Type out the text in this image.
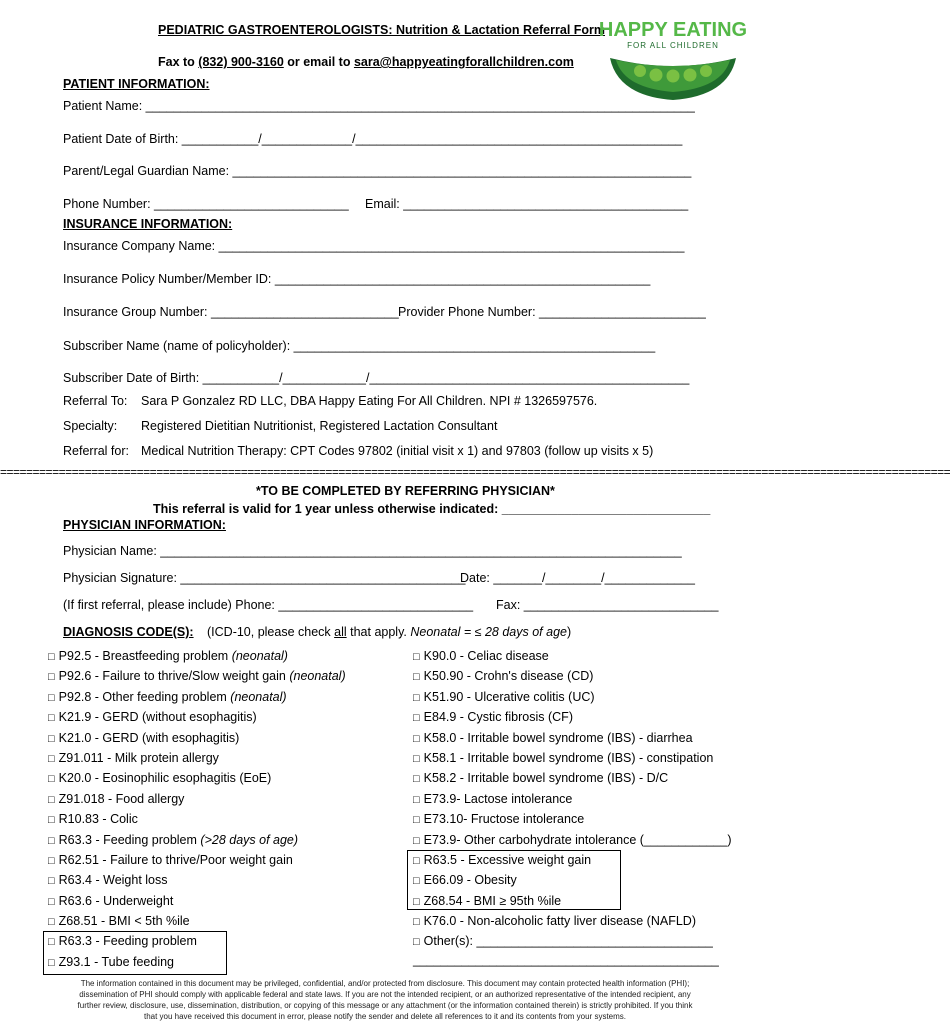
PEDIATRIC GASTROENTEROLOGISTS: Nutrition & Lactation Referral Form
Fax to (832) 900-3160 or email to sara@happyeatingforallchildren.com
HAPPY EATING
FOR ALL CHILDREN
PATIENT INFORMATION:
Patient Name: _______________________________________________________________________________
Patient Date of Birth: ___________/_____________/_______________________________________________
Parent/Legal Guardian Name: __________________________________________________________________
Phone Number: ____________________________ Email: _________________________________________
INSURANCE INFORMATION:
Insurance Company Name: ___________________________________________________________________
Insurance Policy Number/Member ID: ______________________________________________________
Insurance Group Number: ___________________________ Provider Phone Number: ________________________
Subscriber Name (name of policyholder): ____________________________________________________
Subscriber Date of Birth: ___________/____________/______________________________________________
Referral To: Sara P Gonzalez RD LLC, DBA Happy Eating For All Children. NPI # 1326597576.
Specialty: Registered Dietitian Nutritionist, Registered Lactation Consultant
Referral for: Medical Nutrition Therapy: CPT Codes 97802 (initial visit x 1) and 97803 (follow up visits x 5)
==================================================================================================================================================
*TO BE COMPLETED BY REFERRING PHYSICIAN*
This referral is valid for 1 year unless otherwise indicated: ______________________________
PHYSICIAN INFORMATION:
Physician Name: ___________________________________________________________________________
Physician Signature: _________________________________________
Date: _______/________/_____________
(If first referral, please include) Phone: ____________________________ Fax: ____________________________
DIAGNOSIS CODE(S): (ICD-10, please check all that apply. Neonatal = ≤ 28 days of age)
□ P92.5 - Breastfeeding problem (neonatal)
□ P92.6 - Failure to thrive/Slow weight gain (neonatal)
□ P92.8 - Other feeding problem (neonatal)
□ K21.9 - GERD (without esophagitis)
□ K21.0 - GERD (with esophagitis)
□ Z91.011 - Milk protein allergy
□ K20.0 - Eosinophilic esophagitis (EoE)
□ Z91.018 - Food allergy
□ R10.83 - Colic
□ R63.3 - Feeding problem (>28 days of age)
□ R62.51 - Failure to thrive/Poor weight gain
□ R63.4 - Weight loss
□ R63.6 - Underweight
□ Z68.51 - BMI < 5th %ile
□ R63.3 - Feeding problem
□ Z93.1 - Tube feeding
□ K90.0 - Celiac disease
□ K50.90 - Crohn's disease (CD)
□ K51.90 - Ulcerative colitis (UC)
□ E84.9 - Cystic fibrosis (CF)
□ K58.0 - Irritable bowel syndrome (IBS) - diarrhea
□ K58.1 - Irritable bowel syndrome (IBS) - constipation
□ K58.2 - Irritable bowel syndrome (IBS) - D/C
□ E73.9- Lactose intolerance
□ E73.10- Fructose intolerance
□ E73.9- Other carbohydrate intolerance (____________)
□ R63.5 - Excessive weight gain
□ E66.09 - Obesity
□ Z68.54 - BMI ≥ 95th %ile
□ K76.0 - Non-alcoholic fatty liver disease (NAFLD)
□ Other(s): __________________________________
____________________________________________
The information contained in this document may be privileged, confidential, and/or protected from disclosure. This document may contain protected health information (PHI); dissemination of PHI should comply with applicable federal and state laws. If you are not the intended recipient, or an authorized representative of the intended recipient, any further review, disclosure, use, dissemination, distribution, or copying of this message or any attachment (or the information contained therein) is strictly prohibited. If you think that you have received this document in error, please notify the sender and delete all references to it and its contents from your systems.
